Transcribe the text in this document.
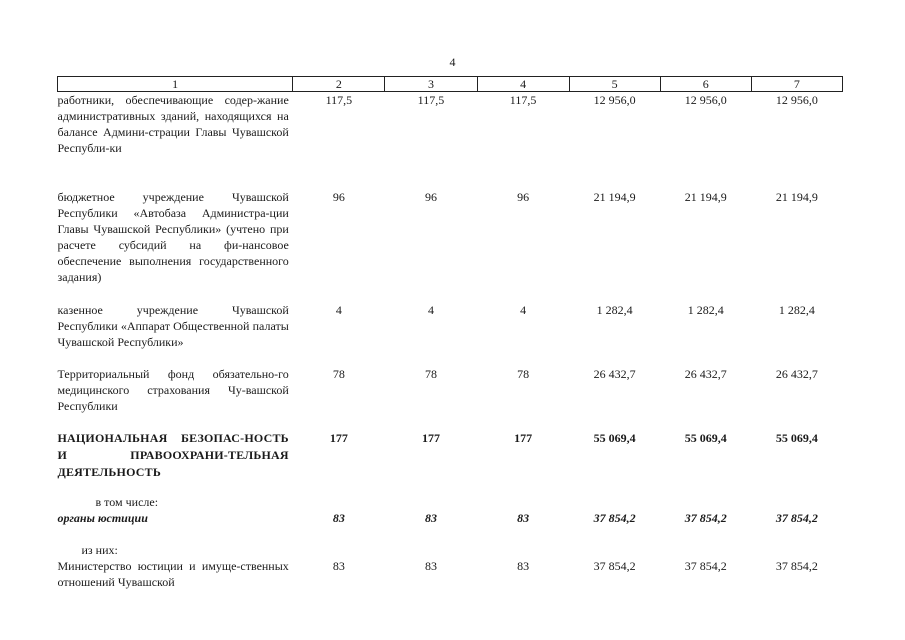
4
1	2	3	4	5	6	7
работники, обеспечивающие содер-жание административных зданий, находящихся на балансе Админи-страции Главы Чувашской Республи-ки	117,5	117,5	117,5	12 956,0	12 956,0	12 956,0
бюджетное учреждение Чувашской Республики «Автобаза Администра-ции Главы Чувашской Республики» (учтено при расчете субсидий на фи-нансовое обеспечение выполнения государственного задания)	96	96	96	21 194,9	21 194,9	21 194,9
казенное учреждение Чувашской Республики «Аппарат Общественной палаты Чувашской Республики»	4	4	4	1 282,4	1 282,4	1 282,4
Территориальный фонд обязательно-го медицинского страхования Чу-вашской Республики	78	78	78	26 432,7	26 432,7	26 432,7
НАЦИОНАЛЬНАЯ БЕЗОПАС-НОСТЬ И ПРАВООХРАНИ-ТЕЛЬНАЯ ДЕЯТЕЛЬНОСТЬ	177	177	177	55 069,4	55 069,4	55 069,4
в том числе:						
органы юстиции	83	83	83	37 854,2	37 854,2	37 854,2
из них:						
Министерство юстиции и имуще-ственных отношений Чувашской	83	83	83	37 854,2	37 854,2	37 854,2
